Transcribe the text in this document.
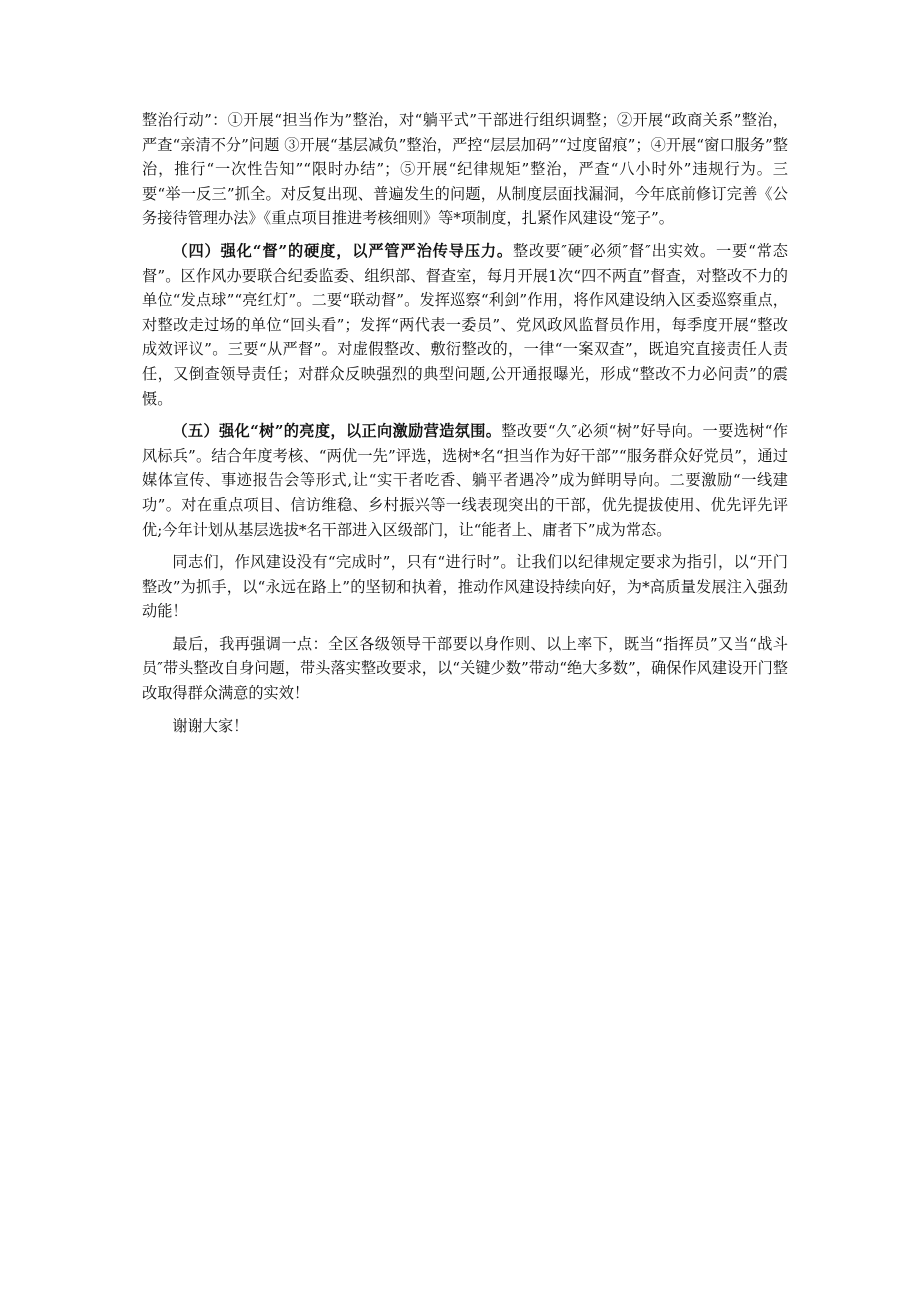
整治行动”：①开展“担当作为”整治，对“躺平式”干部进行组织调整；②开展“政商关系”整治，严查“亲清不分”问题 ③开展“基层减负”整治，严控“层层加码”“过度留痕”；④开展“窗口服务”整治，推行“一次性告知”“限时办结”；⑤开展“纪律规矩”整治，严查“八小时外”违规行为。三要“举一反三”抓全。对反复出现、普遍发生的问题，从制度层面找漏洞，今年底前修订完善《公务接待管理办法》《重点项目推进考核细则》等*项制度，扎紧作风建设“笼子”。

（四）强化“督”的硬度，以严管严治传导压力。整改要″硬″必须″督″出实效。一要“常态督”。区作风办要联合纪委监委、组织部、督查室，每月开展1次“四不两直”督查，对整改不力的单位“发点球”“亮红灯”。二要“联动督”。发挥巡察“利剑”作用，将作风建设纳入区委巡察重点，对整改走过场的单位“回头看”；发挥“两代表一委员”、党风政风监督员作用，每季度开展“整改成效评议”。三要“从严督”。对虚假整改、敷衍整改的，一律“一案双查”，既追究直接责任人责任，又倒查领导责任；对群众反映强烈的典型问题,公开通报曝光，形成“整改不力必问责”的震慑。

（五）强化“树”的亮度，以正向激励营造氛围。整改要“久″必须“树”好导向。一要选树“作风标兵”。结合年度考核、“两优一先”评选，选树*名“担当作为好干部”“服务群众好党员”，通过媒体宣传、事迹报告会等形式,让“实干者吃香、躺平者遇冷”成为鲜明导向。二要激励“一线建功”。对在重点项目、信访维稳、乡村振兴等一线表现突出的干部，优先提拔使用、优先评先评优;今年计划从基层选拔*名干部进入区级部门，让“能者上、庸者下”成为常态。

同志们，作风建设没有“完成时”，只有“进行时”。让我们以纪律规定要求为指引，以“开门整改”为抓手，以“永远在路上”的坚韧和执着，推动作风建设持续向好，为*高质量发展注入强劲动能！

最后，我再强调一点：全区各级领导干部要以身作则、以上率下，既当“指挥员”又当“战斗员″带头整改自身问题，带头落实整改要求，以“关键少数”带动“绝大多数”，确保作风建设开门整改取得群众满意的实效！

谢谢大家！
